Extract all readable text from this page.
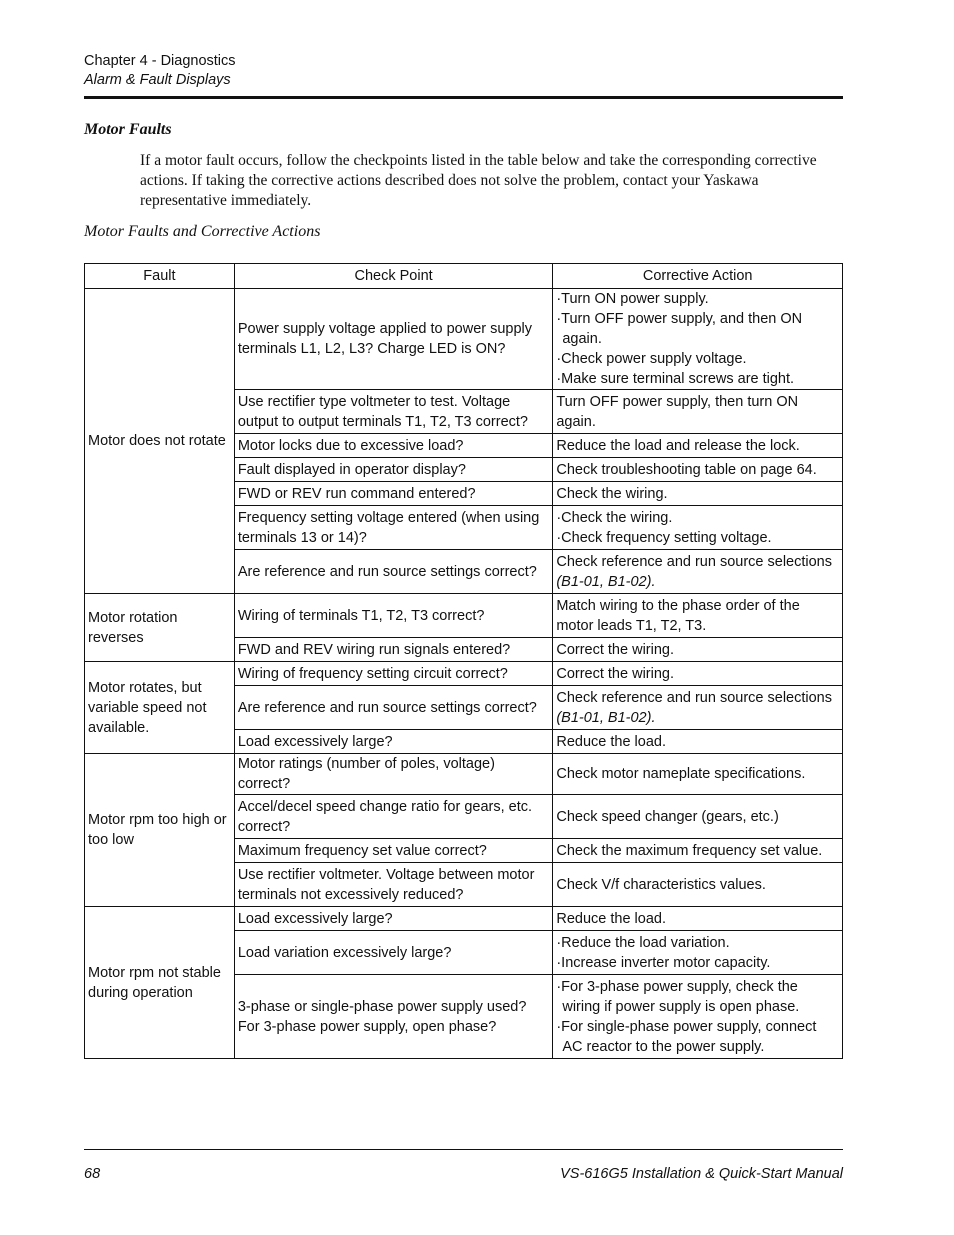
Chapter 4 - Diagnostics
Alarm & Fault Displays
Motor Faults
If a motor fault occurs, follow the checkpoints listed in the table below and take the corresponding corrective actions. If taking the corrective actions described does not solve the problem, contact your Yaskawa representative immediately.
Motor Faults and Corrective Actions
Fault	Check Point	Corrective Action
Motor does not rotate	Power supply voltage applied to power supply terminals L1, L2, L3? Charge LED is ON?	·Turn ON power supply.
·Turn OFF power supply, and then ON again.
·Check power supply voltage.
·Make sure terminal screws are tight.

	Use rectifier type voltmeter to test. Voltage output to output terminals T1, T2, T3 correct?	Turn OFF power supply, then turn ON again.
	Motor locks due to excessive load?	Reduce the load and release the lock.
	Fault displayed in operator display?	Check troubleshooting table on page 64.
	FWD or REV run command entered?	Check the wiring.
	Frequency setting voltage entered (when using terminals 13 or 14)?	·Check the wiring.
·Check frequency setting voltage.

	Are reference and run source settings correct?	Check reference and run source selections
(B1-01, B1-02).

Motor rotation reverses	Wiring of terminals T1, T2, T3 correct?	Match wiring to the phase order of the motor leads T1, T2, T3.
	FWD and REV wiring run signals entered?	Correct the wiring.
Motor rotates, but variable speed not available.	Wiring of frequency setting circuit correct?	Correct the wiring.
	Are reference and run source settings correct?	Check reference and run source selections
(B1-01, B1-02).

	Load excessively large?	Reduce the load.
Motor rpm too high or too low	Motor ratings (number of poles, voltage) correct?	Check motor nameplate specifications.
	Accel/decel speed change ratio for gears, etc. correct?	Check speed changer (gears, etc.)
	Maximum frequency set value correct?	Check the maximum frequency set value.
	Use rectifier voltmeter. Voltage between motor terminals not excessively reduced?	Check V/f characteristics values.
Motor rpm not stable during operation	Load excessively large?	Reduce the load.
	Load variation excessively large?	·Reduce the load variation.
·Increase inverter motor capacity.

	3-phase or single-phase power supply used? For 3-phase power supply, open phase?	·For 3-phase power supply, check the wiring if power supply is open phase.
·For single-phase power supply, connect AC reactor to the power supply.
68	VS-616G5 Installation & Quick-Start Manual
